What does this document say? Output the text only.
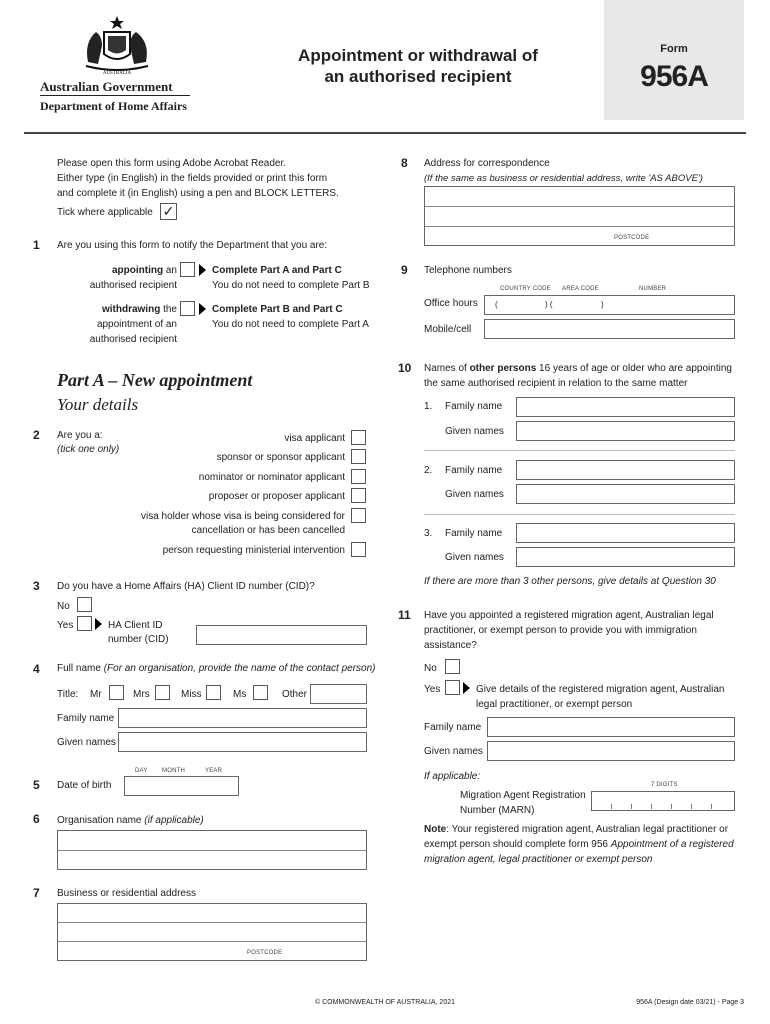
AUSTRALIA
Australian Government
Department of Home Affairs
Appointment or withdrawal of
an authorised recipient
Form
956A
Please open this form using Adobe Acrobat Reader.
Either type (in English) in the fields provided or print this form
and complete it (in English) using a pen and BLOCK LETTERS.
Tick where applicable ✓
1 Are you using this form to notify the Department that you are:
appointing an
authorised recipient
Complete Part A and Part C
You do not need to complete Part B
withdrawing the
appointment of an
authorised recipient
Complete Part B and Part C
You do not need to complete Part A
Part A – New appointment
Your details
2 Are you a:
(tick one only)
visa applicant
sponsor or sponsor applicant
nominator or nominator applicant
proposer or proposer applicant
visa holder whose visa is being considered for
cancellation or has been cancelled
person requesting ministerial intervention
3 Do you have a Home Affairs (HA) Client ID number (CID)?
No
Yes	HA Client ID
number (CID)
4 Full name (For an organisation, provide the name of the contact person)
Title: Mr	Mrs	Miss	Ms	Other
Family name
Given names
DAY MONTH	YEAR
5 Date of birth
6 Organisation name (if applicable)
7 Business or residential address
POSTCODE
8 Address for correspondence
(If the same as business or residential address, write 'AS ABOVE')
POSTCODE
9 Telephone numbers
COUNTRY CODE AREA CODE	NUMBER
Office hours (	) (	)
Mobile/cell
10 Names of other persons 16 years of age or older who are appointing
the same authorised recipient in relation to the same matter
1. Family name
Given names
2. Family name
Given names
3. Family name
Given names
If there are more than 3 other persons, give details at Question 30
11 Have you appointed a registered migration agent, Australian legal
practitioner, or exempt person to provide you with immigration
assistance?
No
Yes	Give details of the registered migration agent, Australian
legal practitioner, or exempt person
Family name
Given names
If applicable:
7 DIGITS
Migration Agent Registration
Number (MARN)
Note: Your registered migration agent, Australian legal practitioner or
exempt person should complete form 956 Appointment of a registered
migration agent, legal practitioner or exempt person
© COMMONWEALTH OF AUSTRALIA, 2021	956A (Design date 03/21) - Page 3
